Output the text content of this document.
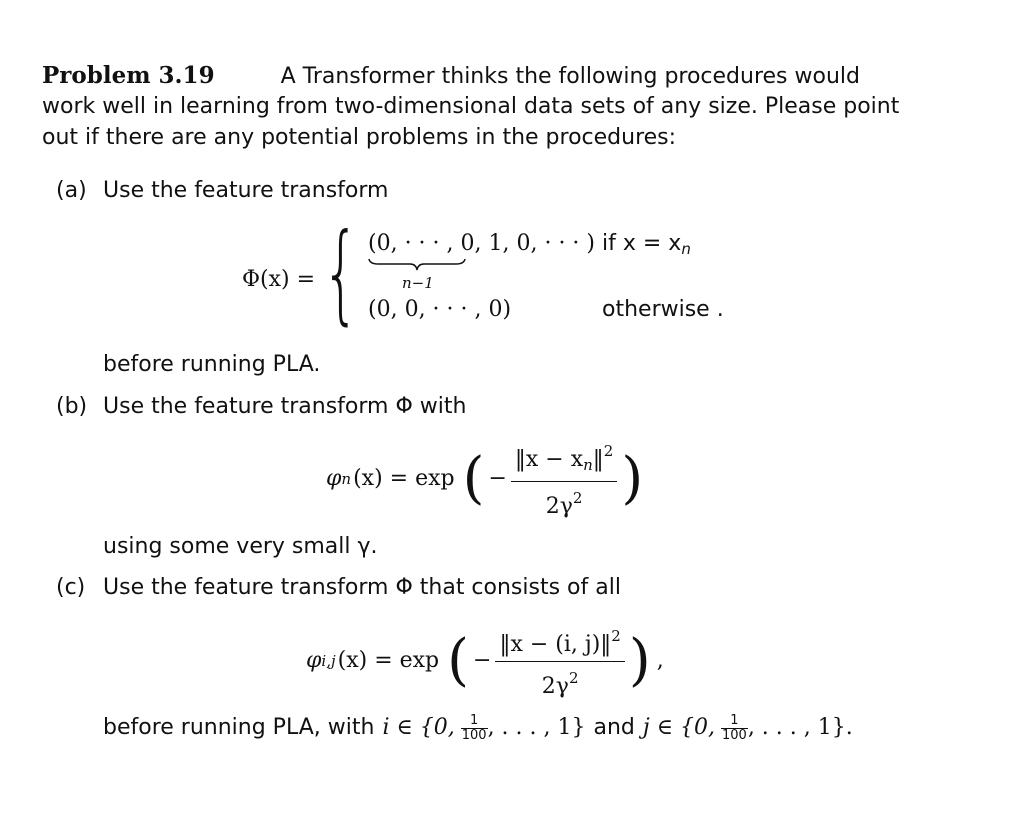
Problem 3.19	A Transformer thinks the following procedures would
work well in learning from two-dimensional data sets of any size. Please point
out if there are any potential problems in the procedures:
(a) Use the feature transform
Φ(x) = { (0, · · · , 0, 1, 0, · · · )
n−1
if $x = x_n$
(0, 0, · · · , 0)	otherwise .
before running PLA.
(b) Use the feature transform Φ with
φ n (x) = exp ( − $\frac{‖x - x_n‖^2}{2\gamma^2}$ )
using some very small γ.
(c) Use the feature transform Φ that consists of all
φ i,j (x) = exp ( − $\frac{‖x - (i, j)‖^2}{2\gamma^2}$ ) ,
before running PLA, with i ∈ {0, $\frac{1}{100}$ , . . . , 1} and j ∈ {0, $\frac{1}{100}$ , . . . , 1}.
